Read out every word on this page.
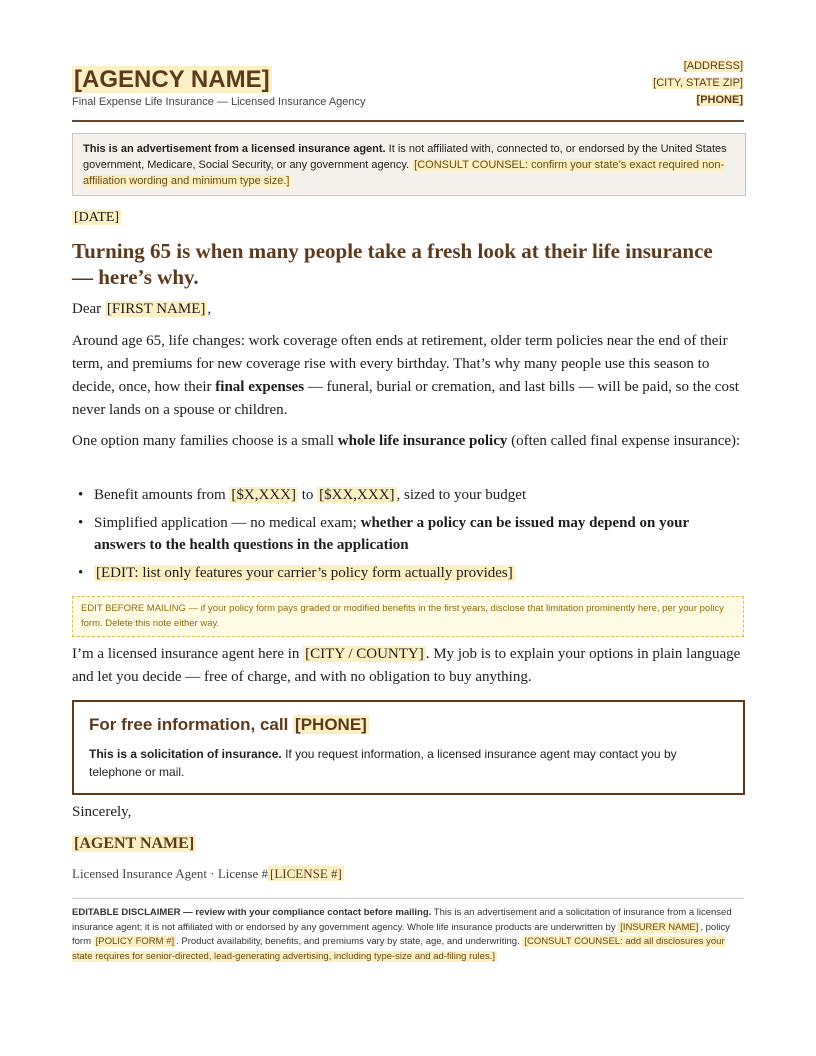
[AGENCY NAME]
Final Expense Life Insurance — Licensed Insurance Agency
[ADDRESS]
[CITY, STATE ZIP]
[PHONE]
This is an advertisement from a licensed insurance agent. It is not affiliated with, connected to, or endorsed by the United States government, Medicare, Social Security, or any government agency. [CONSULT COUNSEL: confirm your state’s exact required non-affiliation wording and minimum type size.]
[DATE]
Turning 65 is when many people take a fresh look at their life insurance — here’s why.
Dear [FIRST NAME] ,
Around age 65, life changes: work coverage often ends at retirement, older term policies near the end of their term, and premiums for new coverage rise with every birthday. That’s why many people use this season to decide, once, how their final expenses — funeral, burial or cremation, and last bills — will be paid, so the cost never lands on a spouse or children.
One option many families choose is a small whole life insurance policy (often called final expense insurance):
• Benefit amounts from [$X,XXX] to [$XX,XXX] , sized to your budget
• Simplified application — no medical exam; whether a policy can be issued may depend on your answers to the health questions in the application
• [EDIT: list only features your carrier’s policy form actually provides]
EDIT BEFORE MAILING — if your policy form pays graded or modified benefits in the first years, disclose that limitation prominently here, per your policy form. Delete this note either way.
I’m a licensed insurance agent here in [CITY / COUNTY] . My job is to explain your options in plain language and let you decide — free of charge, and with no obligation to buy anything.
For free information, call [PHONE]
This is a solicitation of insurance. If you request information, a licensed insurance agent may contact you by telephone or mail.
Sincerely,
[AGENT NAME]
Licensed Insurance Agent · License # [LICENSE #]
EDITABLE DISCLAIMER — review with your compliance contact before mailing. This is an advertisement and a solicitation of insurance from a licensed insurance agent; it is not affiliated with or endorsed by any government agency. Whole life insurance products are underwritten by [INSURER NAME] , policy form [POLICY FORM #] . Product availability, benefits, and premiums vary by state, age, and underwriting. [CONSULT COUNSEL: add all disclosures your state requires for senior-directed, lead-generating advertising, including type-size and ad-filing rules.]
